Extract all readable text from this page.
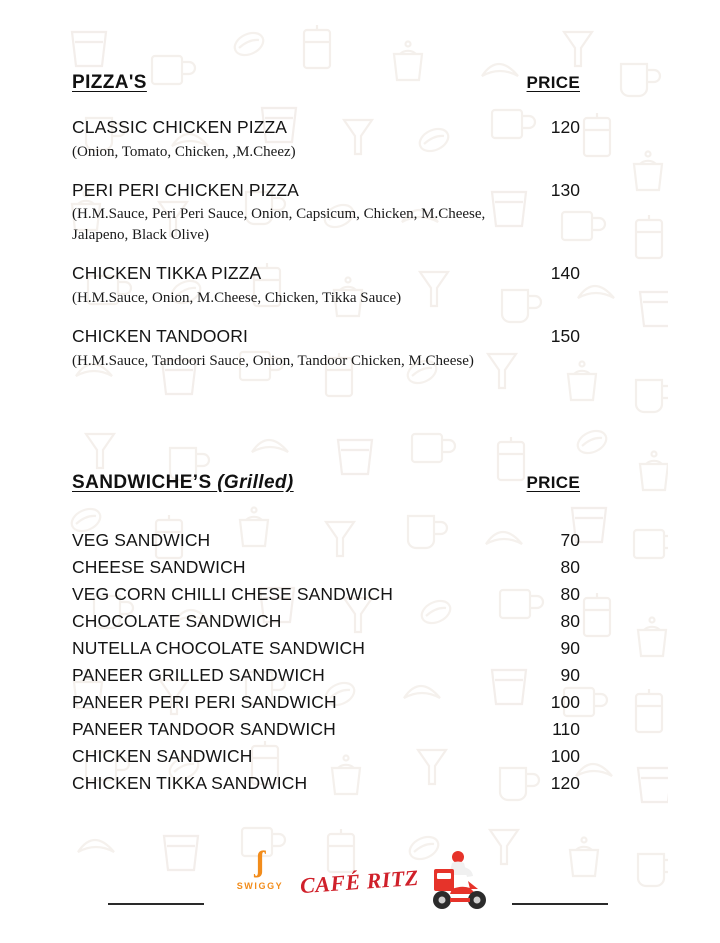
PIZZA'S	PRICE
CLASSIC CHICKEN PIZZA	120
(Onion, Tomato, Chicken, ,M.Cheez)
PERI PERI CHICKEN PIZZA	130
(H.M.Sauce, Peri Peri Sauce, Onion, Capsicum, Chicken, M.Cheese, Jalapeno, Black Olive)
CHICKEN TIKKA PIZZA	140
(H.M.Sauce, Onion, M.Cheese, Chicken, Tikka Sauce)
CHICKEN TANDOORI	150
(H.M.Sauce, Tandoori Sauce, Onion, Tandoor Chicken, M.Cheese)
SANDWICHE’S (Grilled)	PRICE
VEG SANDWICH	70
CHEESE SANDWICH	80
VEG CORN CHILLI CHESE SANDWICH	80
CHOCOLATE SANDWICH	80
NUTELLA CHOCOLATE SANDWICH	90
PANEER GRILLED SANDWICH	90
PANEER PERI PERI SANDWICH	100
PANEER TANDOOR SANDWICH	110
CHICKEN SANDWICH	100
CHICKEN TIKKA SANDWICH	120
ʃ
SWIGGY CAFÉ RITZ
